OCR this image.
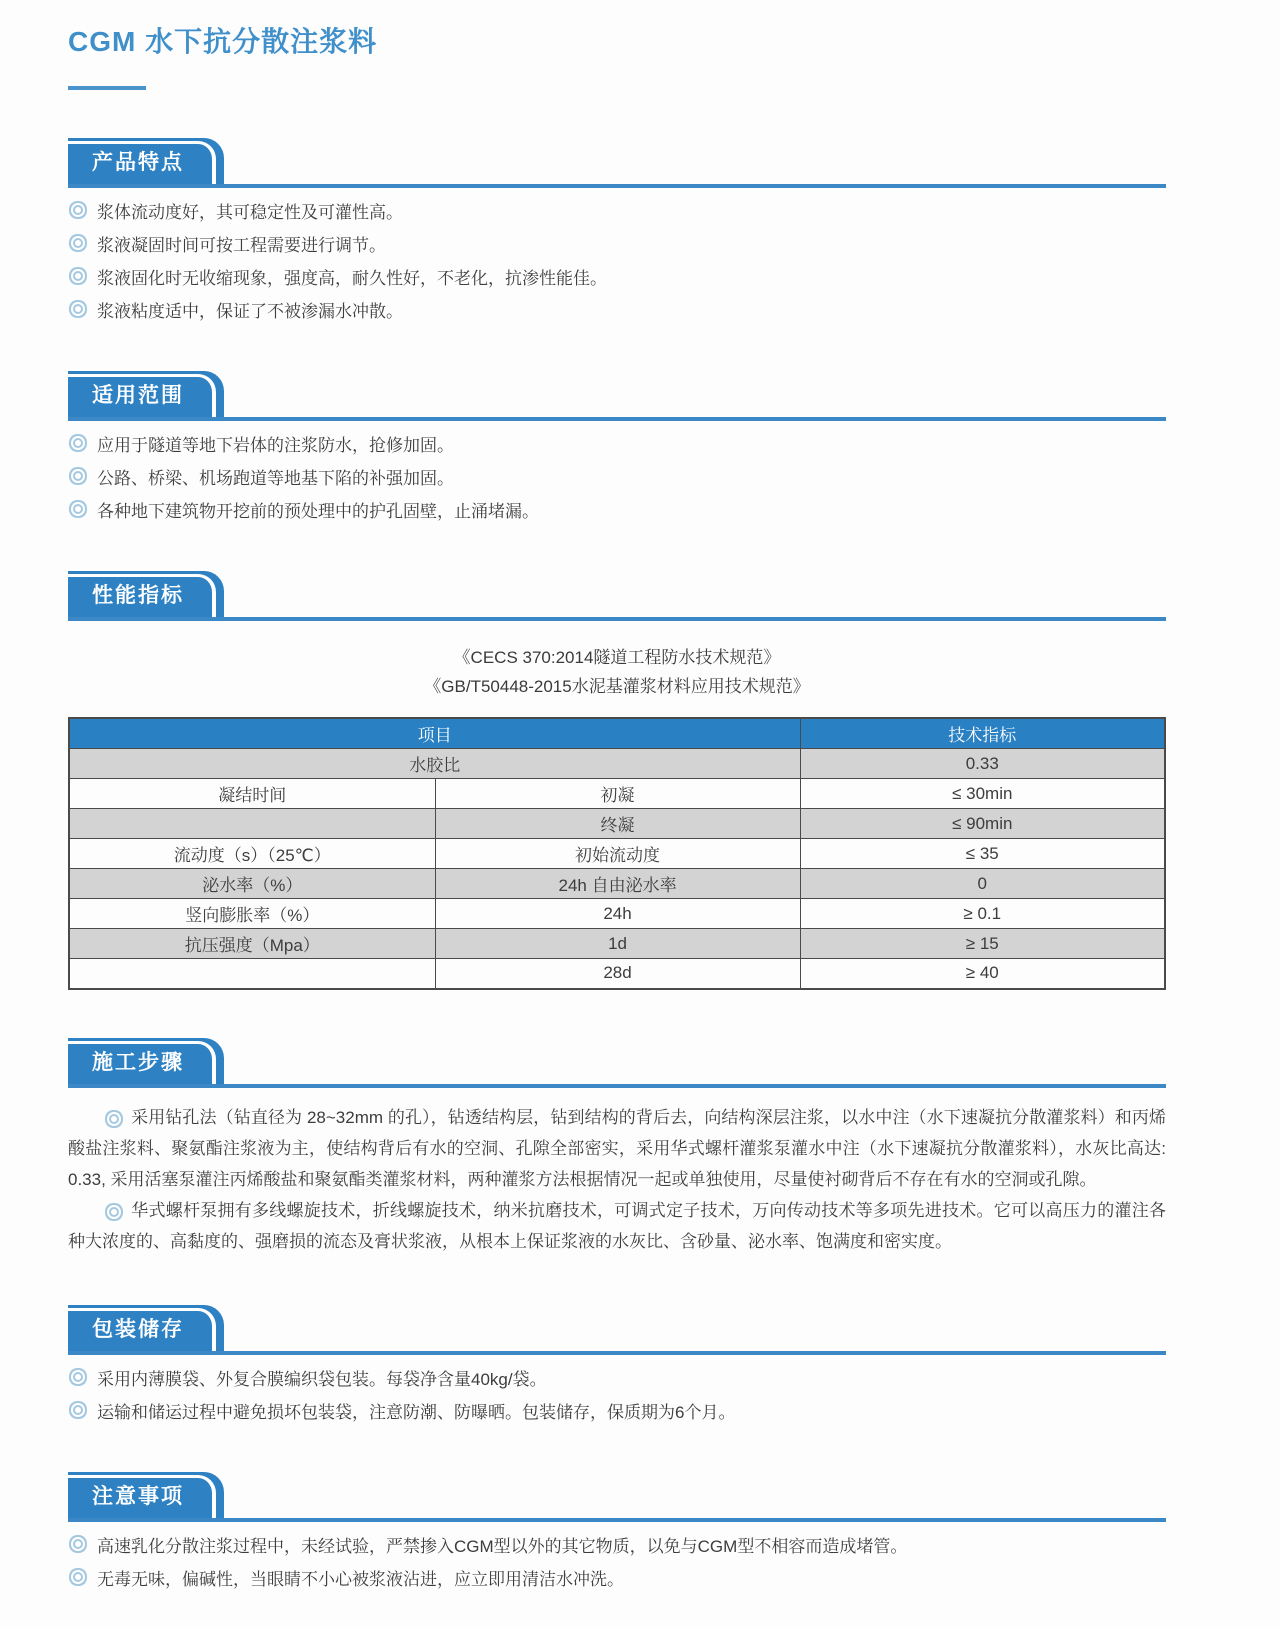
CGM 水下抗分散注浆料
产品特点
浆体流动度好，其可稳定性及可灌性高。
浆液凝固时间可按工程需要进行调节。
浆液固化时无收缩现象，强度高，耐久性好，不老化，抗渗性能佳。
浆液粘度适中，保证了不被渗漏水冲散。
适用范围
应用于隧道等地下岩体的注浆防水，抢修加固。
公路、桥梁、机场跑道等地基下陷的补强加固。
各种地下建筑物开挖前的预处理中的护孔固壁，止涌堵漏。
性能指标
《CECS 370:2014隧道工程防水技术规范》
《GB/T50448-2015水泥基灌浆材料应用技术规范》
项目		技术指标
水胶比		0.33
凝结时间	初凝	≤ 30min
	终凝	≤ 90min
流动度（s）（25℃）	初始流动度	≤ 35
泌水率（%）	24h 自由泌水率	0
竖向膨胀率（%）	24h	≥ 0.1
抗压强度（Mpa）	1d	≥ 15
	28d	≥ 40
施工步骤

采用钻孔法（钻直径为 28~32mm 的孔），钻透结构层，钻到结构的背后去，向结构深层注浆，以水中注（水下速凝抗分散灌浆料）和丙烯酸盐注浆料、聚氨酯注浆液为主，使结构背后有水的空洞、孔隙全部密实，采用华式螺杆灌浆泵灌水中注（水下速凝抗分散灌浆料），水灰比高达: 0.33, 采用活塞泵灌注丙烯酸盐和聚氨酯类灌浆材料，两种灌浆方法根据情况一起或单独使用，尽量使衬砌背后不存在有水的空洞或孔隙。

华式螺杆泵拥有多线螺旋技术，折线螺旋技术，纳米抗磨技术，可调式定子技术，万向传动技术等多项先进技术。它可以高压力的灌注各种大浓度的、高黏度的、强磨损的流态及膏状浆液，从根本上保证浆液的水灰比、含砂量、泌水率、饱满度和密实度。

包装储存
采用内薄膜袋、外复合膜编织袋包装。每袋净含量40kg/袋。
运输和储运过程中避免损坏包装袋，注意防潮、防曝晒。包装储存，保质期为6个月。
注意事项
高速乳化分散注浆过程中，未经试验，严禁掺入CGM型以外的其它物质，以免与CGM型不相容而造成堵管。
无毒无味，偏碱性，当眼睛不小心被浆液沾进，应立即用清洁水冲洗。
